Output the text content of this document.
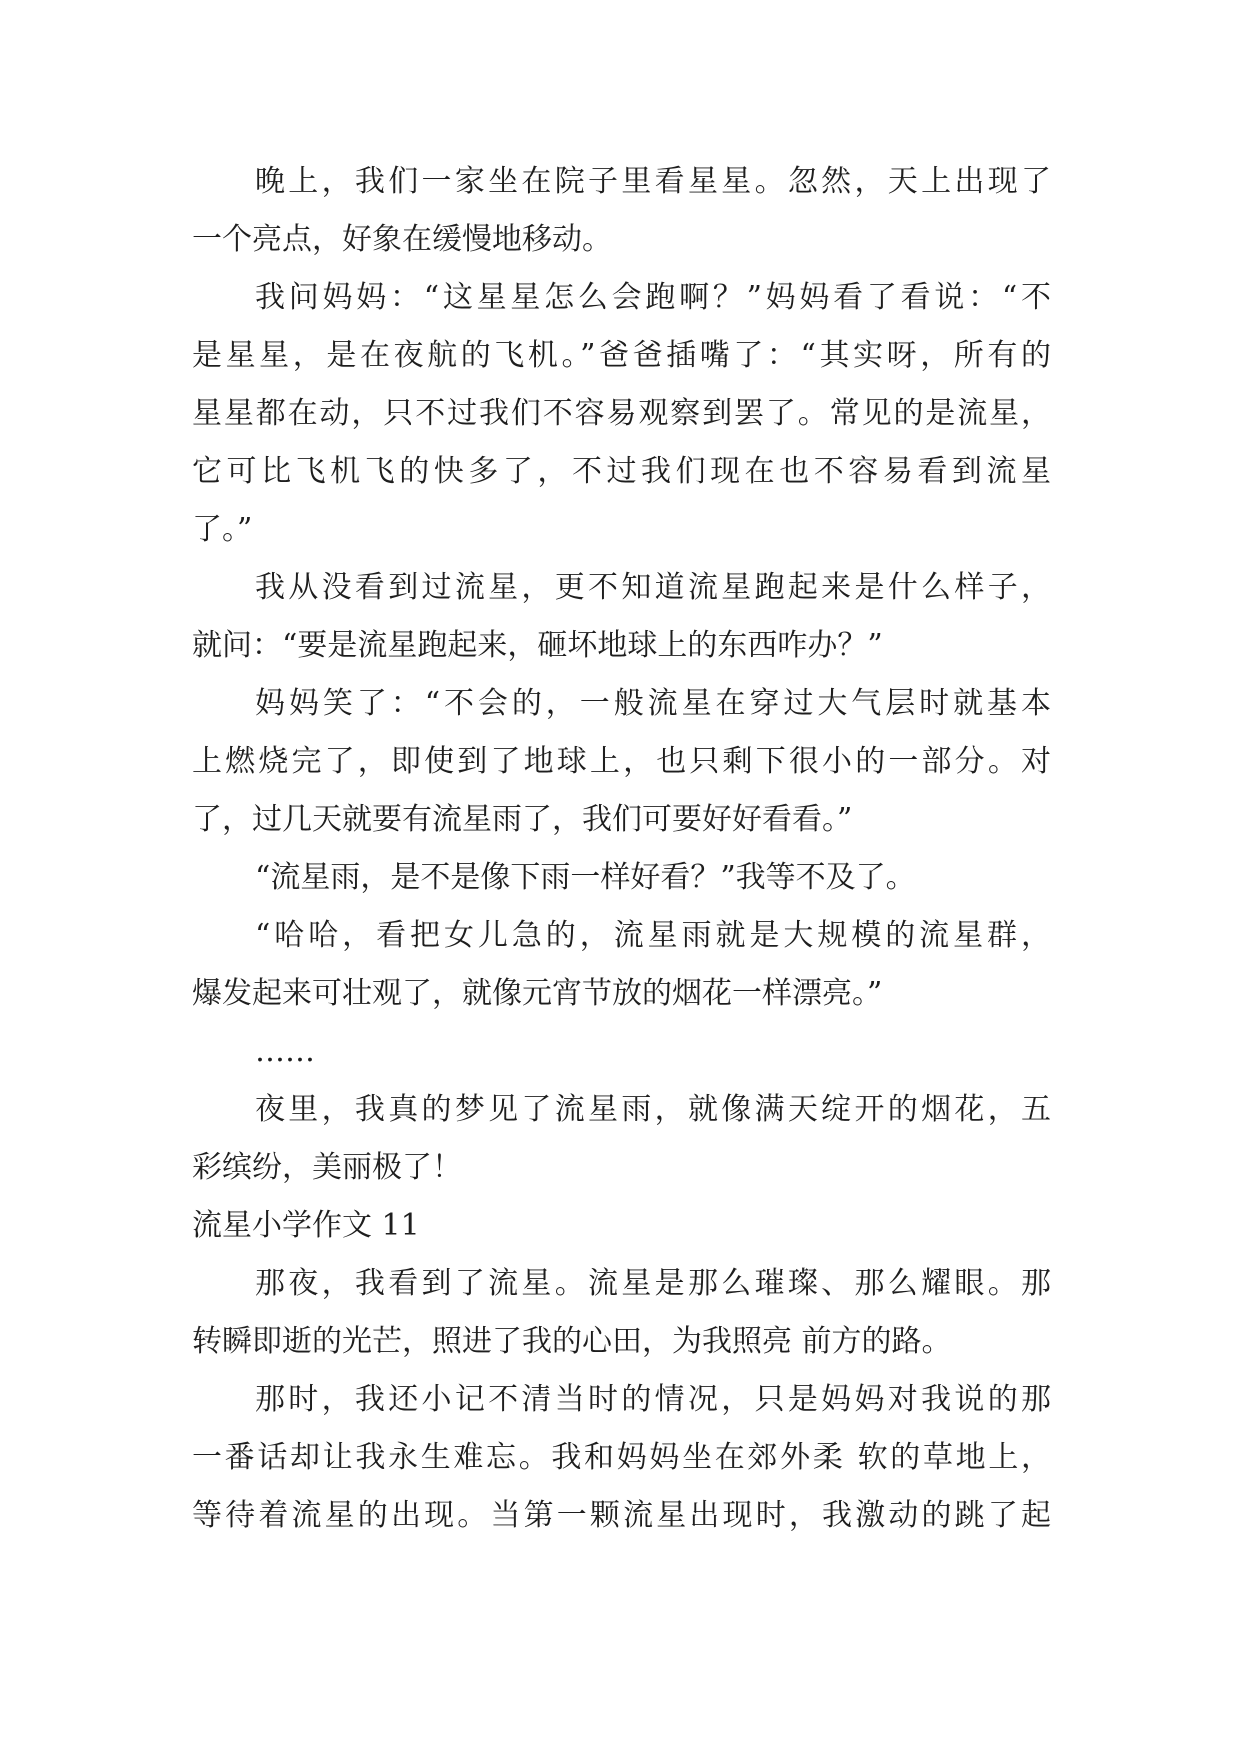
晚上，我们一家坐在院子里看星星。忽然，天上出现了
一个亮点，好象在缓慢地移动。
我问妈妈：“这星星怎么会跑啊？”妈妈看了看说：“不
是星星，是在夜航的飞机。”爸爸插嘴了：“其实呀，所有的
星星都在动，只不过我们不容易观察到罢了。常见的是流星，
它可比飞机飞的快多了，不过我们现在也不容易看到流星
了。”
我从没看到过流星，更不知道流星跑起来是什么样子，
就问：“要是流星跑起来，砸坏地球上的东西咋办？”
妈妈笑了：“不会的，一般流星在穿过大气层时就基本
上燃烧完了，即使到了地球上，也只剩下很小的一部分。对
了，过几天就要有流星雨了，我们可要好好看看。”
“流星雨，是不是像下雨一样好看？”我等不及了。
“哈哈，看把女儿急的，流星雨就是大规模的流星群，
爆发起来可壮观了，就像元宵节放的烟花一样漂亮。”
……
夜里，我真的梦见了流星雨，就像满天绽开的烟花，五
彩缤纷，美丽极了！
流星小学作文 11
那夜，我看到了流星。流星是那么璀璨、那么耀眼。那
转瞬即逝的光芒，照进了我的心田，为我照亮 前方的路。
那时，我还小记不清当时的情况，只是妈妈对我说的那
一番话却让我永生难忘。我和妈妈坐在郊外柔 软的草地上，
等待着流星的出现。当第一颗流星出现时，我激动的跳了起
